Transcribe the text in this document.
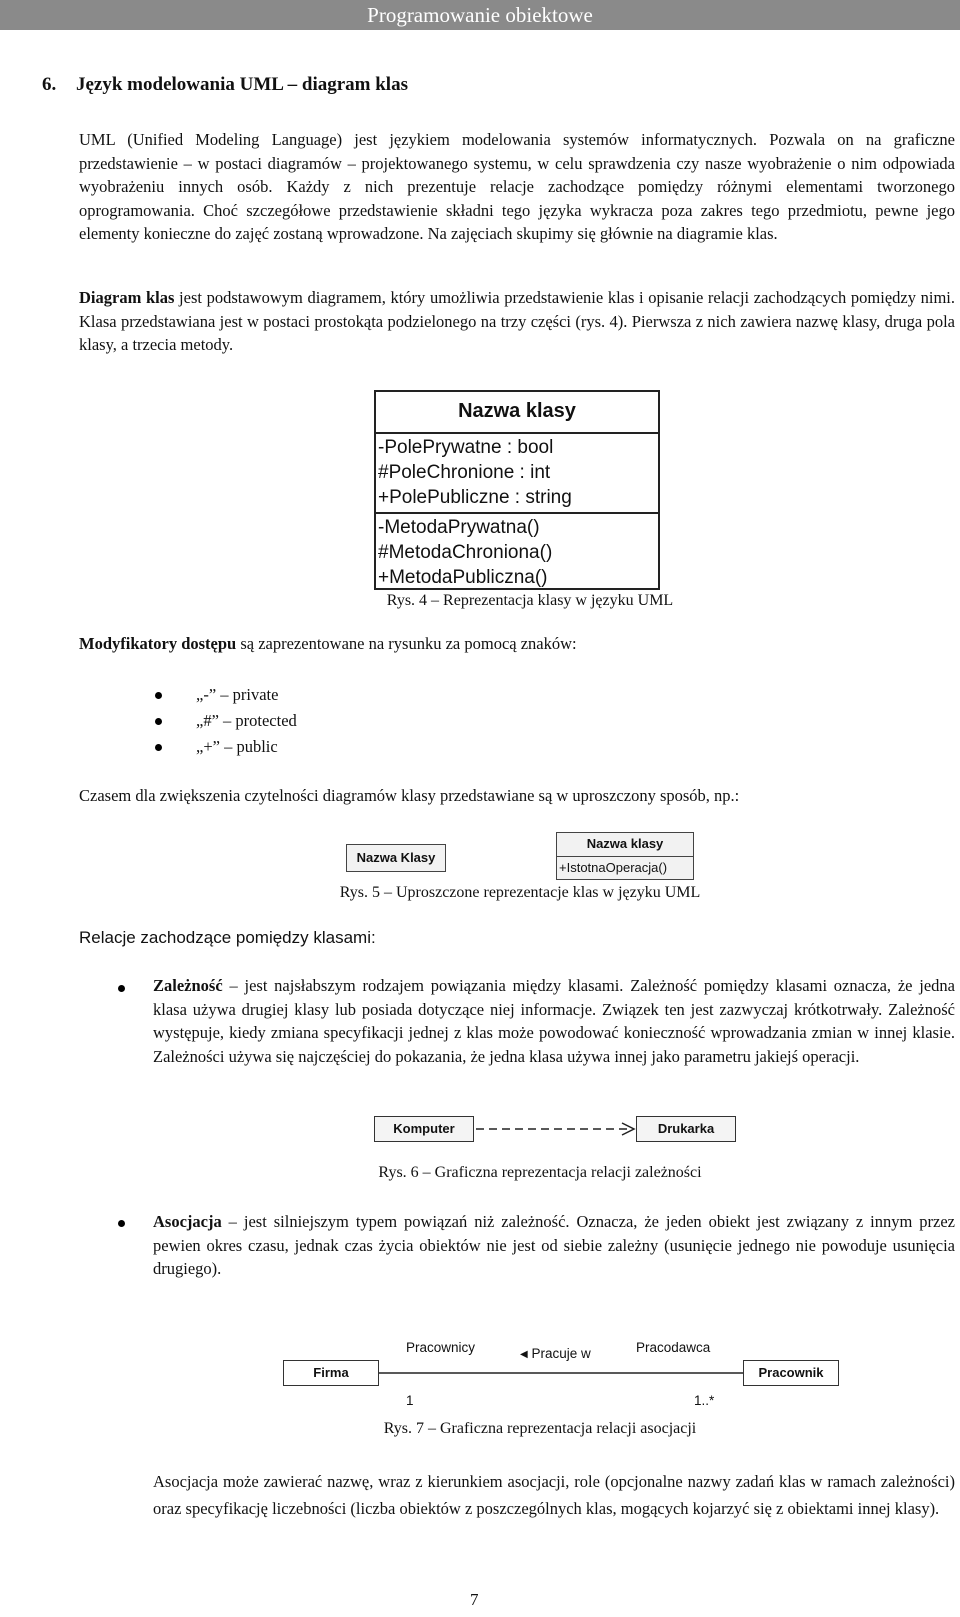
Programowanie obiektowe
6. Język modelowania UML – diagram klas

UML (Unified Modeling Language) jest językiem modelowania systemów informatycznych. Pozwala on na graficzne przedstawienie – w postaci diagramów – projektowanego systemu, w celu sprawdzenia czy nasze wyobrażenie o nim odpowiada wyobrażeniu innych osób. Każdy z nich prezentuje relacje zachodzące pomiędzy różnymi elementami tworzonego oprogramowania. Choć szczegółowe przedstawienie składni tego języka wykracza poza zakres tego przedmiotu, pewne jego elementy konieczne do zajęć zostaną wprowadzone. Na zajęciach skupimy się głównie na diagramie klas.

Diagram klas jest podstawowym diagramem, który umożliwia przedstawienie klas i opisanie relacji zachodzących pomiędzy nimi. Klasa przedstawiana jest w postaci prostokąta podzielonego na trzy części (rys. 4). Pierwsza z nich zawiera nazwę klasy, druga pola klasy, a trzecia metody.

Nazwa klasy
-PolePrywatne : bool
#PoleChronione : int
+PolePubliczne : string
-MetodaPrywatna()
#MetodaChroniona()
+MetodaPubliczna()
Rys. 4 – Reprezentacja klasy w języku UML
Modyfikatory dostępu są zaprezentowane na rysunku za pomocą znaków:
„-” – private
„#” – protected
„+” – public
Czasem dla zwiększenia czytelności diagramów klasy przedstawiane są w uproszczony sposób, np.:
Nazwa Klasy
Nazwa klasy
+IstotnaOperacja()
Rys. 5 – Uproszczone reprezentacje klas w języku UML
Relacje zachodzące pomiędzy klasami:

Zależność – jest najsłabszym rodzajem powiązania między klasami. Zależność pomiędzy klasami oznacza, że jedna klasa używa drugiej klasy lub posiada dotyczące niej informacje. Związek ten jest zazwyczaj krótkotrwały. Zależność występuje, kiedy zmiana specyfikacji jednej z klas może powodować konieczność wprowadzania zmian w innej klasie. Zależności używa się najczęściej do pokazania, że jedna klasa używa innej jako parametru jakiejś operacji.

Komputer	Drukarka
Rys. 6 – Graficzna reprezentacja relacji zależności

Asocjacja – jest silniejszym typem powiązań niż zależność. Oznacza, że jeden obiekt jest związany z innym przez pewien okres czasu, jednak czas życia obiektów nie jest od siebie zależny (usunięcie jednego nie powoduje usunięcia drugiego).

Pracownicy	◀ Pracuje w	Pracodawca
Firma	Pracownik
1	1..*
Rys. 7 – Graficzna reprezentacja relacji asocjacji

Asocjacja może zawierać nazwę, wraz z kierunkiem asocjacji, role (opcjonalne nazwy zadań klas w ramach zależności) oraz specyfikację liczebności (liczba obiektów z poszczególnych klas, mogących kojarzyć się z obiektami innej klasy).

7
